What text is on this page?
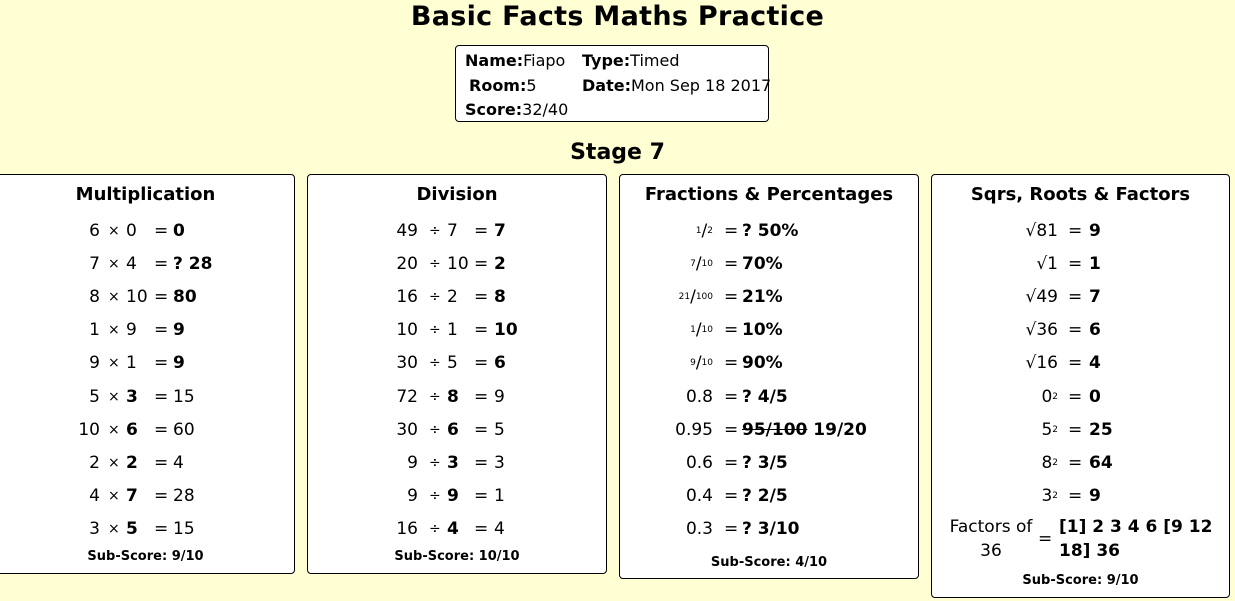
Basic Facts Maths Practice
Name:Fiapo Type:Timed
Room:5	Date:Mon Sep 18 2017
Score:32/40
Stage 7
Multiplication
6 × 0 = 0
7 × 4 = ? 28
8 × 10 = 80
1 × 9 = 9
9 × 1 = 9
5 × 3 = 15
10 × 6 = 60
2 × 2 = 4
4 × 7 = 28
3 × 5 = 15
Sub-Score: 9/10
Division
49 ÷ 7 = 7
20 ÷ 10 = 2
16 ÷ 2 = 8
10 ÷ 1 = 10
30 ÷ 5 = 6
72 ÷ 8 = 9
30 ÷ 6 = 5
9 ÷ 3 = 3
9 ÷ 9 = 1
16 ÷ 4 = 4
Sub-Score: 10/10
Fractions & Percentages
$^1$/2 = ? 50%
$^7$/10 = 70%
$^{21}$/100 = 21%
$^1$/10 = 10%
$^9$/10 = 90%
0.8 = ? 4/5
0.95 = 95/100 19/20
0.6 = ? 3/5
0.4 = ? 2/5
0.3 = ? 3/10
Sub-Score: 4/10
Sqrs, Roots & Factors
√81 = 9
√1 = 1
√49 = 7
√36 = 6
√16 = 4
$0^2 = 0$
$5^2 = 25$
$8^2 = 64$
$3^2 = 9$
Factors of
36
=
[1] 2 3 4 6 [9 12
18] 36
Sub-Score: 9/10
